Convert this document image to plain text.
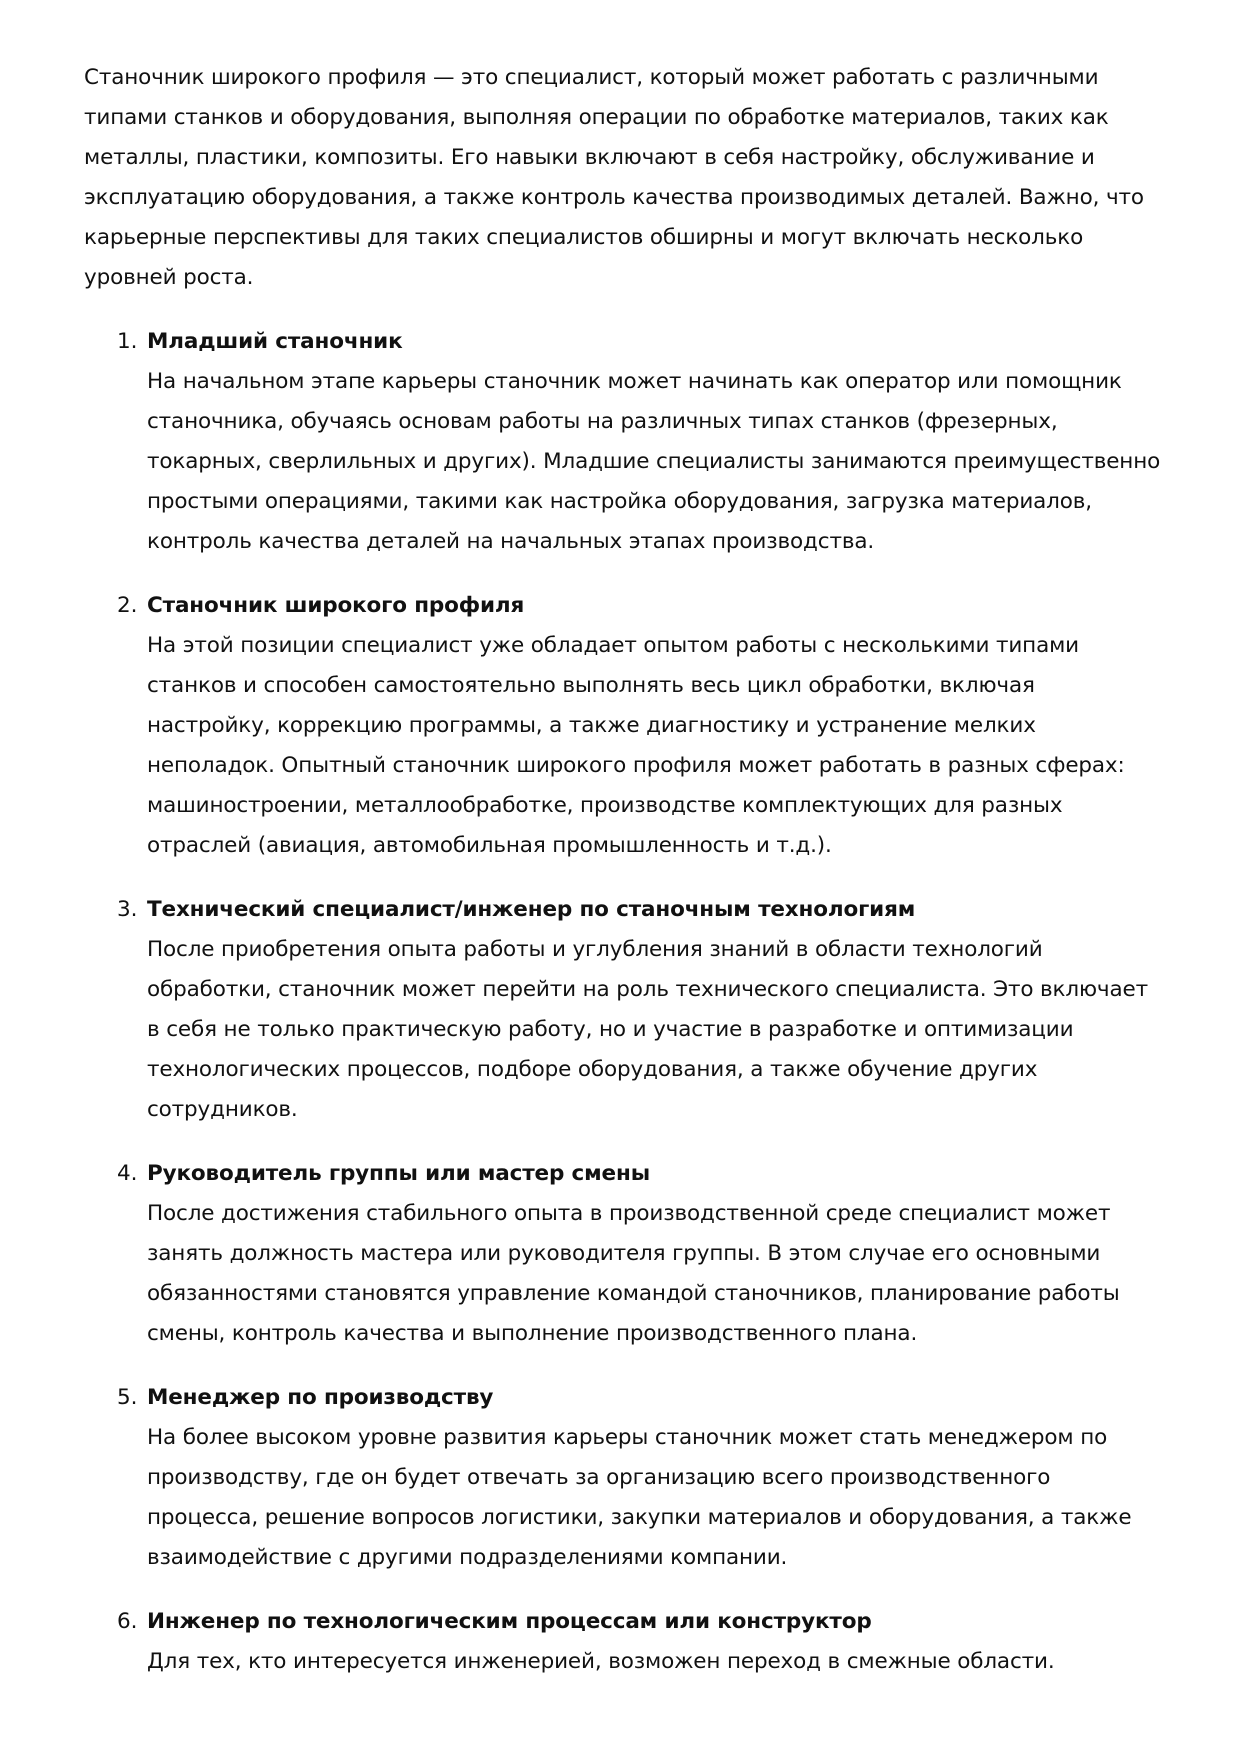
Станочник широкого профиля — это специалист, который может работать с различными типами станков и оборудования, выполняя операции по обработке материалов, таких как металлы, пластики, композиты. Его навыки включают в себя настройку, обслуживание и эксплуатацию оборудования, а также контроль качества производимых деталей. Важно, что карьерные перспективы для таких специалистов обширны и могут включать несколько уровней роста.

1. Младший станочник

На начальном этапе карьеры станочник может начинать как оператор или помощник станочника, обучаясь основам работы на различных типах станков (фрезерных, токарных, сверлильных и других). Младшие специалисты занимаются преимущественно простыми операциями, такими как настройка оборудования, загрузка материалов, контроль качества деталей на начальных этапах производства.

2. Станочник широкого профиля

На этой позиции специалист уже обладает опытом работы с несколькими типами станков и способен самостоятельно выполнять весь цикл обработки, включая настройку, коррекцию программы, а также диагностику и устранение мелких неполадок. Опытный станочник широкого профиля может работать в разных сферах: машиностроении, металлообработке, производстве комплектующих для разных отраслей (авиация, автомобильная промышленность и т.д.).

3. Технический специалист/инженер по станочным технологиям

После приобретения опыта работы и углубления знаний в области технологий обработки, станочник может перейти на роль технического специалиста. Это включает в себя не только практическую работу, но и участие в разработке и оптимизации технологических процессов, подборе оборудования, а также обучение других сотрудников.

4. Руководитель группы или мастер смены

После достижения стабильного опыта в производственной среде специалист может занять должность мастера или руководителя группы. В этом случае его основными обязанностями становятся управление командой станочников, планирование работы смены, контроль качества и выполнение производственного плана.

5. Менеджер по производству

На более высоком уровне развития карьеры станочник может стать менеджером по производству, где он будет отвечать за организацию всего производственного процесса, решение вопросов логистики, закупки материалов и оборудования, а также взаимодействие с другими подразделениями компании.

6. Инженер по технологическим процессам или конструктор

Для тех, кто интересуется инженерией, возможен переход в смежные области.
